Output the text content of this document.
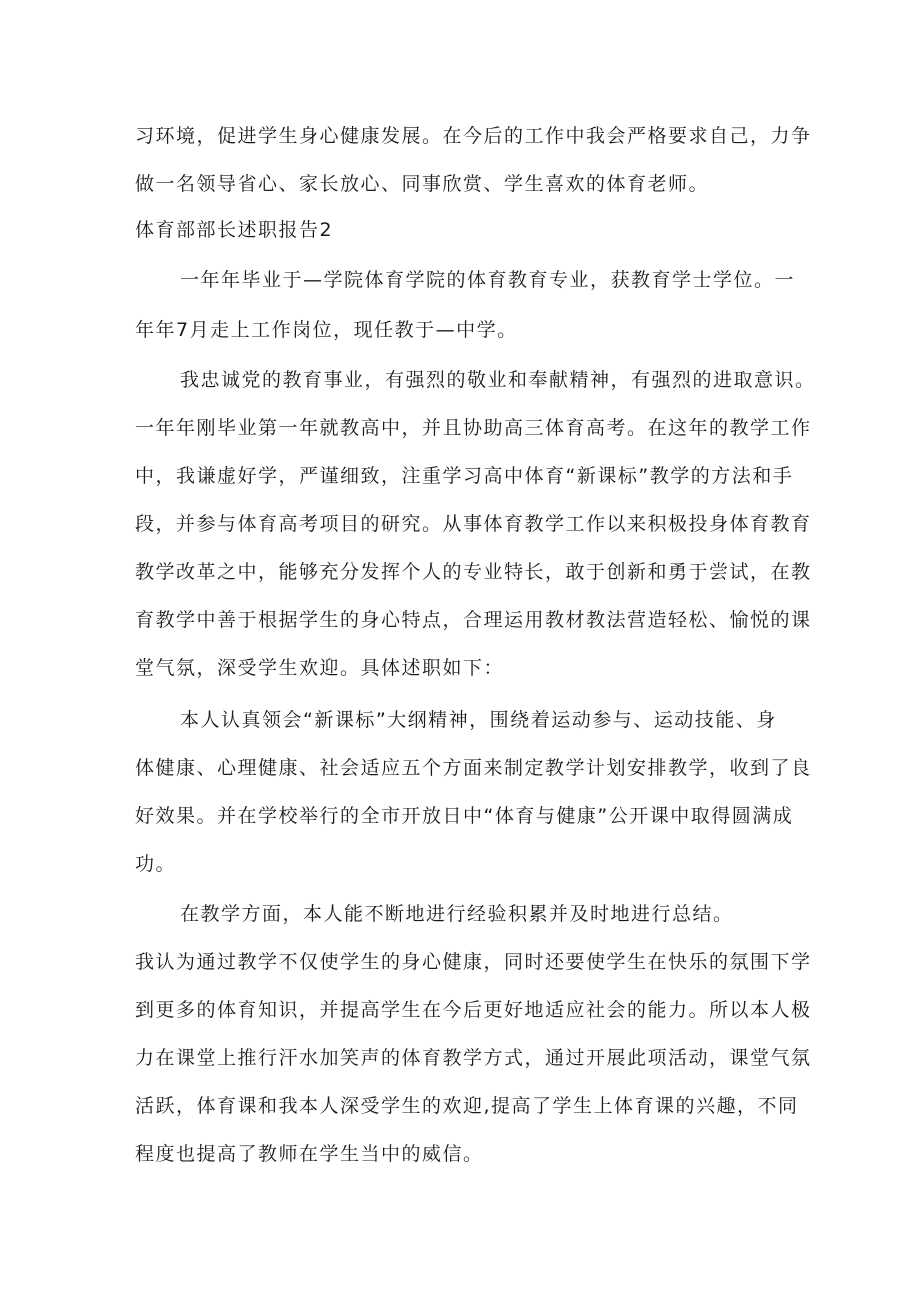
习环境，促进学生身心健康发展。在今后的工作中我会严格要求自己，力争
做一名领导省心、家长放心、同事欣赏、学生喜欢的体育老师。
体育部部长述职报告2
一年年毕业于—学院体育学院的体育教育专业，获教育学士学位。一
年年7月走上工作岗位，现任教于—中学。
我忠诚党的教育事业，有强烈的敬业和奉献精神，有强烈的进取意识。
一年年刚毕业第一年就教高中，并且协助高三体育高考。在这年的教学工作
中，我谦虚好学，严谨细致，注重学习高中体育“新课标”教学的方法和手
段，并参与体育高考项目的研究。从事体育教学工作以来积极投身体育教育
教学改革之中，能够充分发挥个人的专业特长，敢于创新和勇于尝试，在教
育教学中善于根据学生的身心特点，合理运用教材教法营造轻松、愉悦的课
堂气氛，深受学生欢迎。具体述职如下：
本人认真领会“新课标”大纲精神，围绕着运动参与、运动技能、身
体健康、心理健康、社会适应五个方面来制定教学计划安排教学，收到了良
好效果。并在学校举行的全市开放日中“体育与健康”公开课中取得圆满成
功。
在教学方面，本人能不断地进行经验积累并及时地进行总结。
我认为通过教学不仅使学生的身心健康，同时还要使学生在快乐的氛围下学
到更多的体育知识，并提高学生在今后更好地适应社会的能力。所以本人极
力在课堂上推行汗水加笑声的体育教学方式，通过开展此项活动，课堂气氛
活跃，体育课和我本人深受学生的欢迎,提高了学生上体育课的兴趣，不同
程度也提高了教师在学生当中的威信。
